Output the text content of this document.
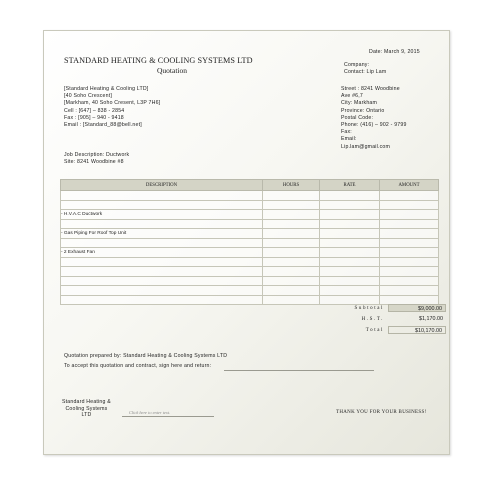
Date: March 9, 2015
STANDARD HEATING & COOLING SYSTEMS LTD
Quotation
Company:
Contact: Lip Lam
[Standard Heating & Cooling LTD]
[40 Soho Crescent]
[Markham, 40 Soho Cresent, L3P 7H6]
Cell : [647] – 838 - 2854
Fax : [905] – 940 - 9418
Email : [Standard_88@bell.net]
Street : 8241 Woodbine
Ave #6,7
City: Markham
Province: Ontario
Postal Code:
Phone: (416) – 902 - 9799
Fax:
Email:
Lip.lam@gmail.com
Job Description: Ductwork
Site: 8241 Woodbine #8
DESCRIPTION	HOURS	RATE	AMOUNT

- H.V.A.C Ductwork			

- Gas Piping For Roof Top Unit			

- 2 Exhaust Fan			

Subtotal	$9,000.00
H.S.T.	$1,170.00
Total	$10,170.00
Quotation prepared by: Standard Heating & Cooling Systems LTD
To accept this quotation and contract, sign here and return:
Standard Heating &
Cooling Systems
LTD	Click here to enter text.	THANK YOU FOR YOUR BUSINESS!
